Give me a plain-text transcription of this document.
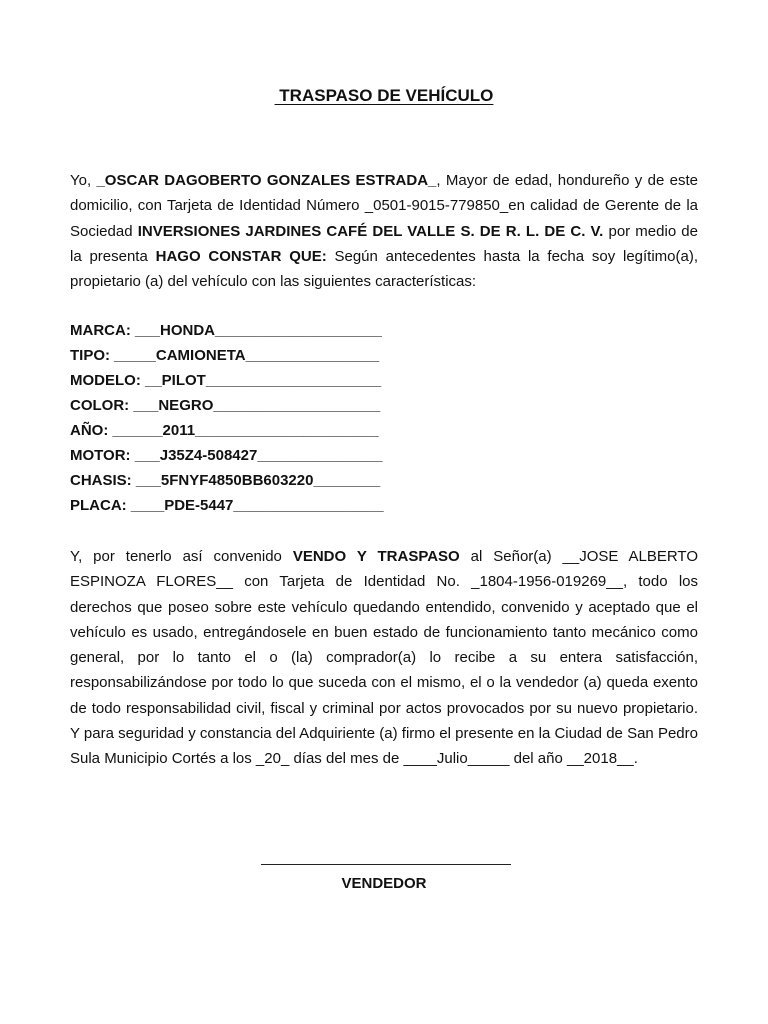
TRASPASO DE VEHÍCULO

Yo, _OSCAR DAGOBERTO GONZALES ESTRADA_, Mayor de edad, hondureño y de este domicilio, con Tarjeta de Identidad Número _0501-9015-779850_en calidad de Gerente de la Sociedad INVERSIONES JARDINES CAFÉ DEL VALLE S. DE R. L. DE C. V. por medio de la presenta HAGO CONSTAR QUE: Según antecedentes hasta la fecha soy legítimo(a), propietario (a) del vehículo con las siguientes características:

MARCA: ___HONDA____________________
TIPO: _____CAMIONETA________________
MODELO: __PILOT_____________________
COLOR: ___NEGRO____________________
AÑO: ______2011______________________
MOTOR: ___J35Z4-508427_______________
CHASIS: ___5FNYF4850BB603220________
PLACA: ____PDE-5447__________________

Y, por tenerlo así convenido VENDO Y TRASPASO al Señor(a) __JOSE ALBERTO ESPINOZA FLORES__ con Tarjeta de Identidad No. _1804-1956-019269__, todo los derechos que poseo sobre este vehículo quedando entendido, convenido y aceptado que el vehículo es usado, entregándosele en buen estado de funcionamiento tanto mecánico como general, por lo tanto el o (la) comprador(a) lo recibe a su entera satisfacción, responsabilizándose por todo lo que suceda con el mismo, el o la vendedor (a) queda exento de todo responsabilidad civil, fiscal y criminal por actos provocados por su nuevo propietario. Y para seguridad y constancia del Adquiriente (a) firmo el presente en la Ciudad de San Pedro Sula Municipio Cortés a los _20_ días del mes de ____Julio_____ del año __2018__.

VENDEDOR
